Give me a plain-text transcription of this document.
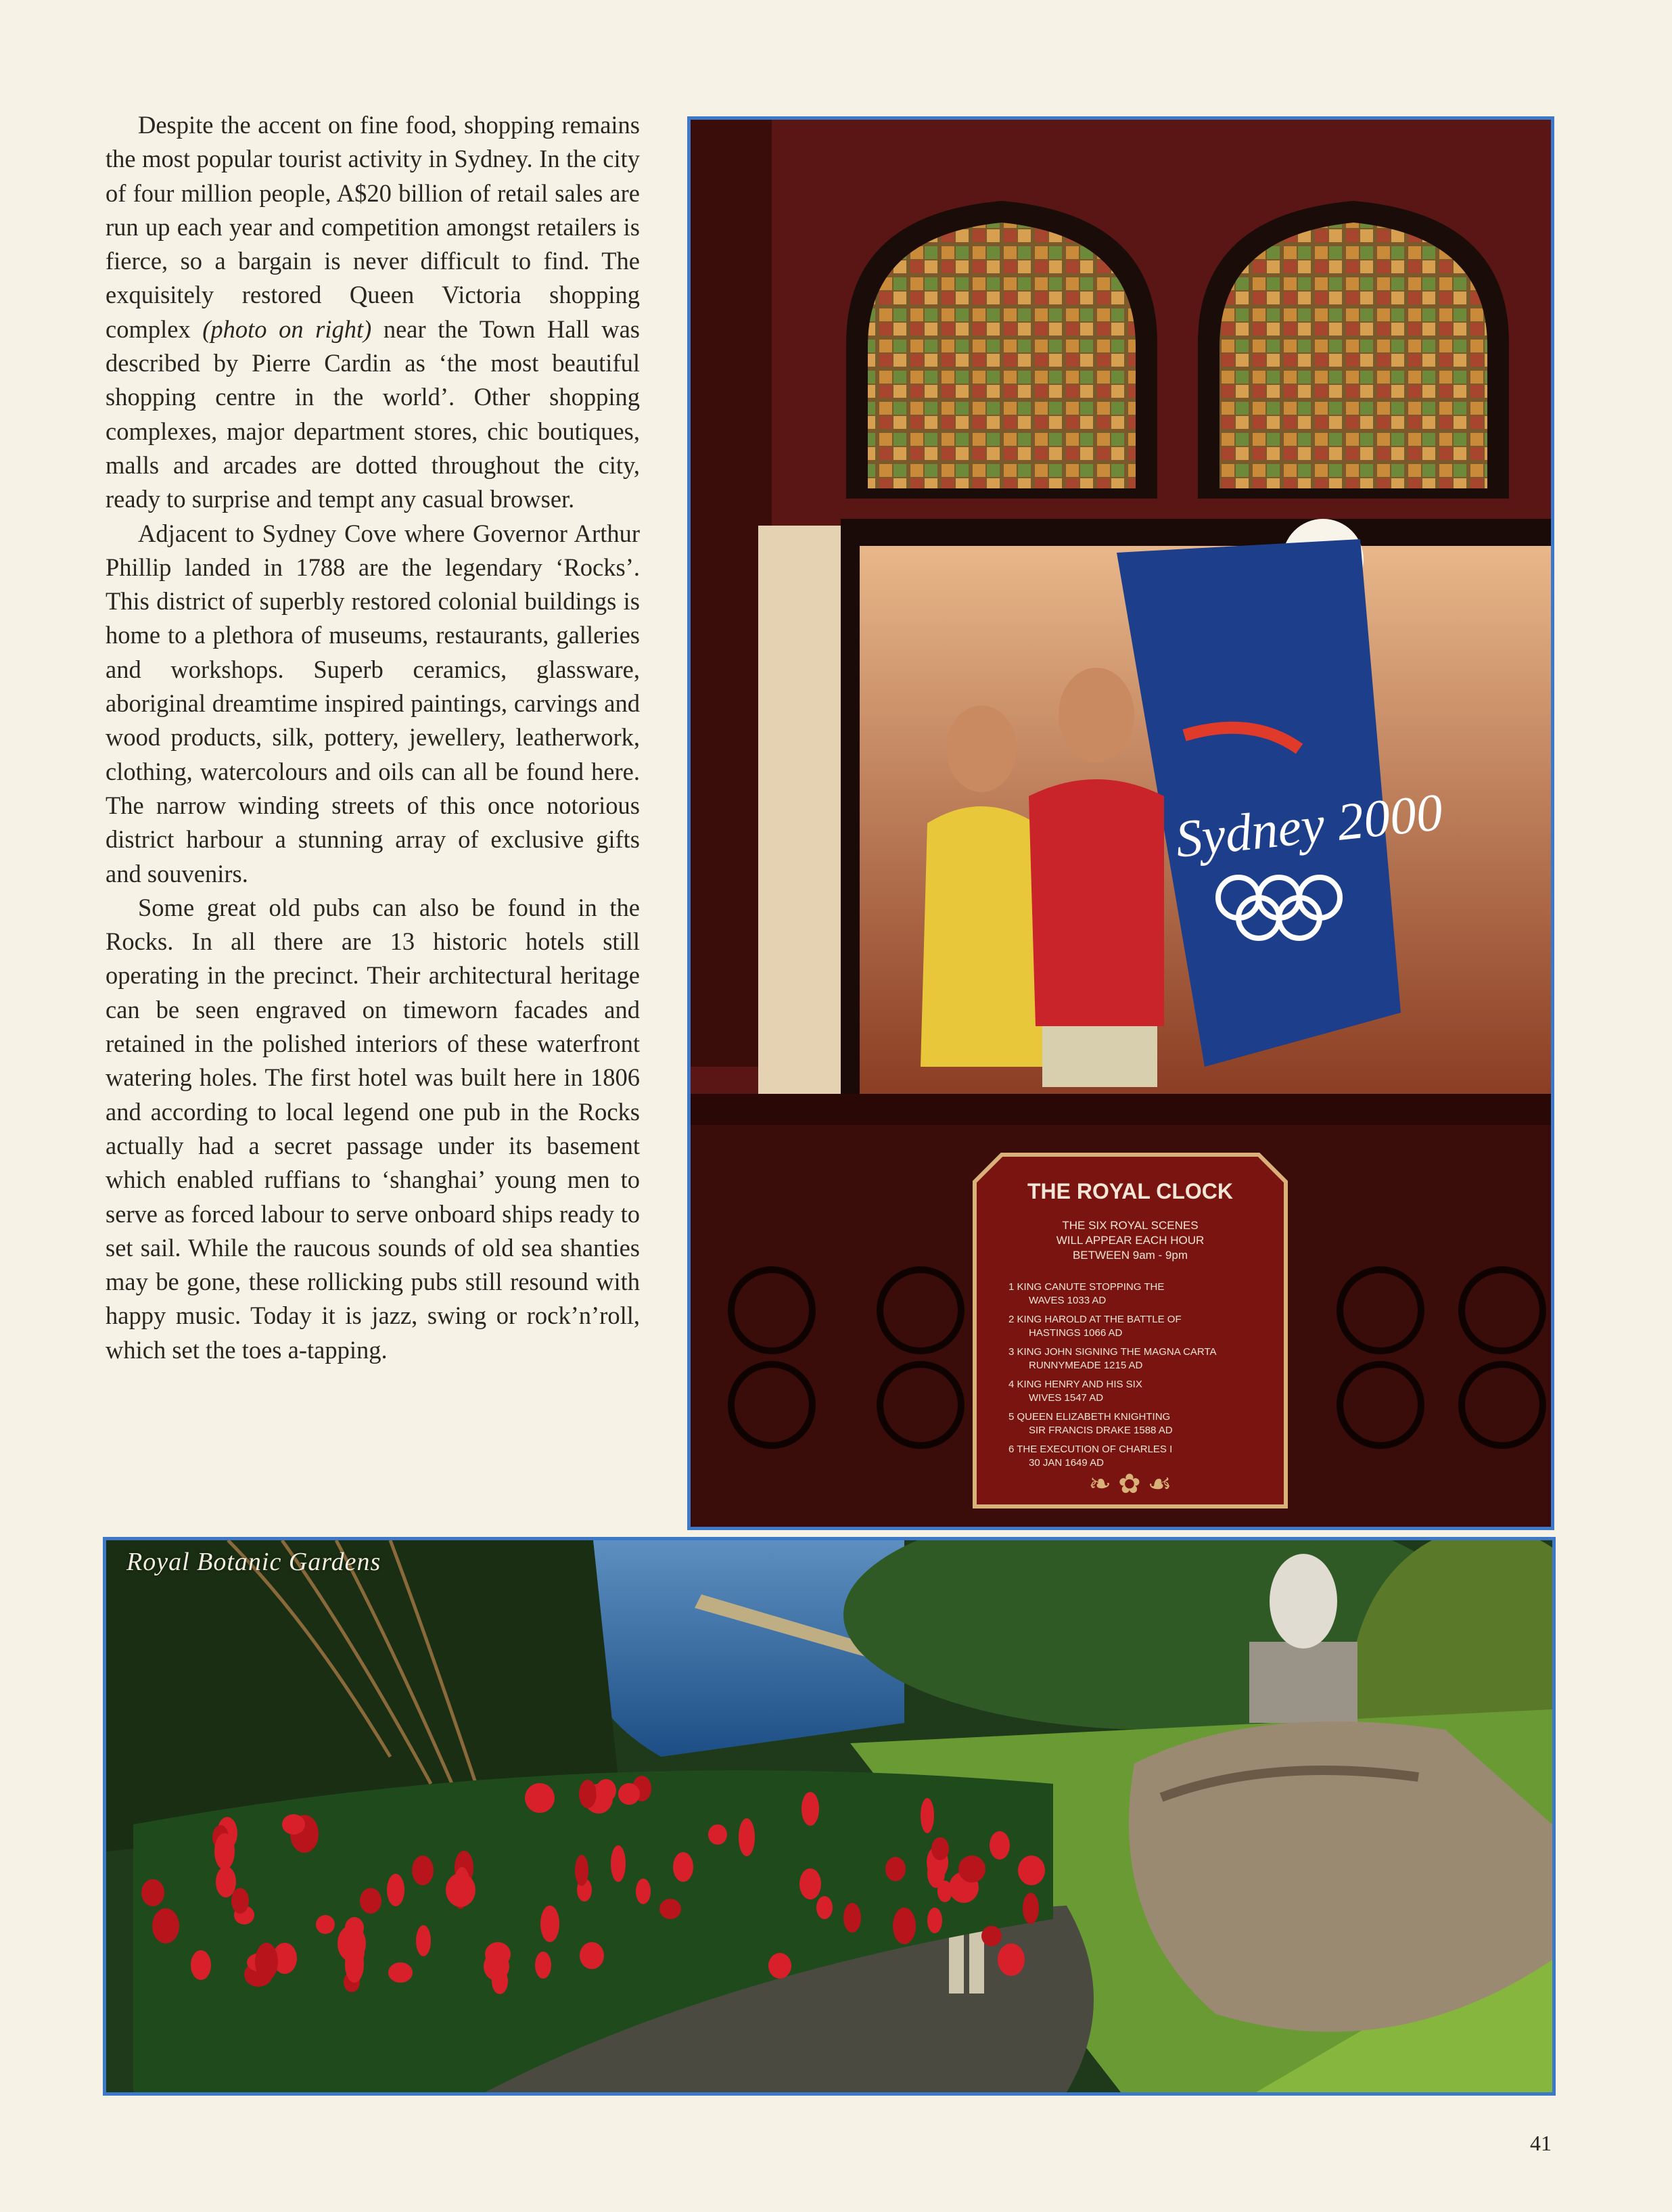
Despite the accent on fine food, shopping remains the most popular tourist activity in Sydney. In the city of four million people, A$20 billion of retail sales are run up each year and competition amongst retailers is fierce, so a bargain is never difficult to find. The exquisitely restored Queen Victoria shopping complex (photo on right) near the Town Hall was described by Pierre Cardin as ‘the most beautiful shopping centre in the world’. Other shopping complexes, major department stores, chic boutiques, malls and arcades are dotted throughout the city, ready to surprise and tempt any casual browser.

Adjacent to Sydney Cove where Governor Arthur Phillip landed in 1788 are the legendary ‘Rocks’. This district of superbly restored colonial buildings is home to a plethora of museums, restaurants, galleries and workshops. Superb ceramics, glassware, aboriginal dreamtime inspired paintings, carvings and wood products, silk, pottery, jewellery, leatherwork, clothing, watercolours and oils can all be found here. The narrow winding streets of this once notorious district harbour a stunning array of exclusive gifts and souvenirs.

Some great old pubs can also be found in the Rocks. In all there are 13 historic hotels still operating in the precinct. Their architectural heritage can be seen engraved on timeworn facades and retained in the polished interiors of these waterfront watering holes. The first hotel was built here in 1806 and according to local legend one pub in the Rocks actually had a secret passage under its basement which enabled ruffians to ‘shanghai’ young men to serve as forced labour to serve onboard ships ready to set sail. While the raucous sounds of old sea shanties may be gone, these rollicking pubs still resound with happy music. Today it is jazz, swing or rock’n’roll, which set the toes a-tapping.

Sydney 2000
THE ROYAL CLOCK
THE SIX ROYAL SCENES
WILL APPEAR EACH HOUR
BETWEEN 9am - 9pm
1 KING CANUTE STOPPING THE
WAVES 1033 AD
2 KING HAROLD AT THE BATTLE OF
HASTINGS 1066 AD
3 KING JOHN SIGNING THE MAGNA CARTA
RUNNYMEADE 1215 AD
4 KING HENRY AND HIS SIX
WIVES 1547 AD
5 QUEEN ELIZABETH KNIGHTING
SIR FRANCIS DRAKE 1588 AD
6 THE EXECUTION OF CHARLES I
30 JAN 1649 AD
❧ ✿ ☙
Royal Botanic Gardens
41
